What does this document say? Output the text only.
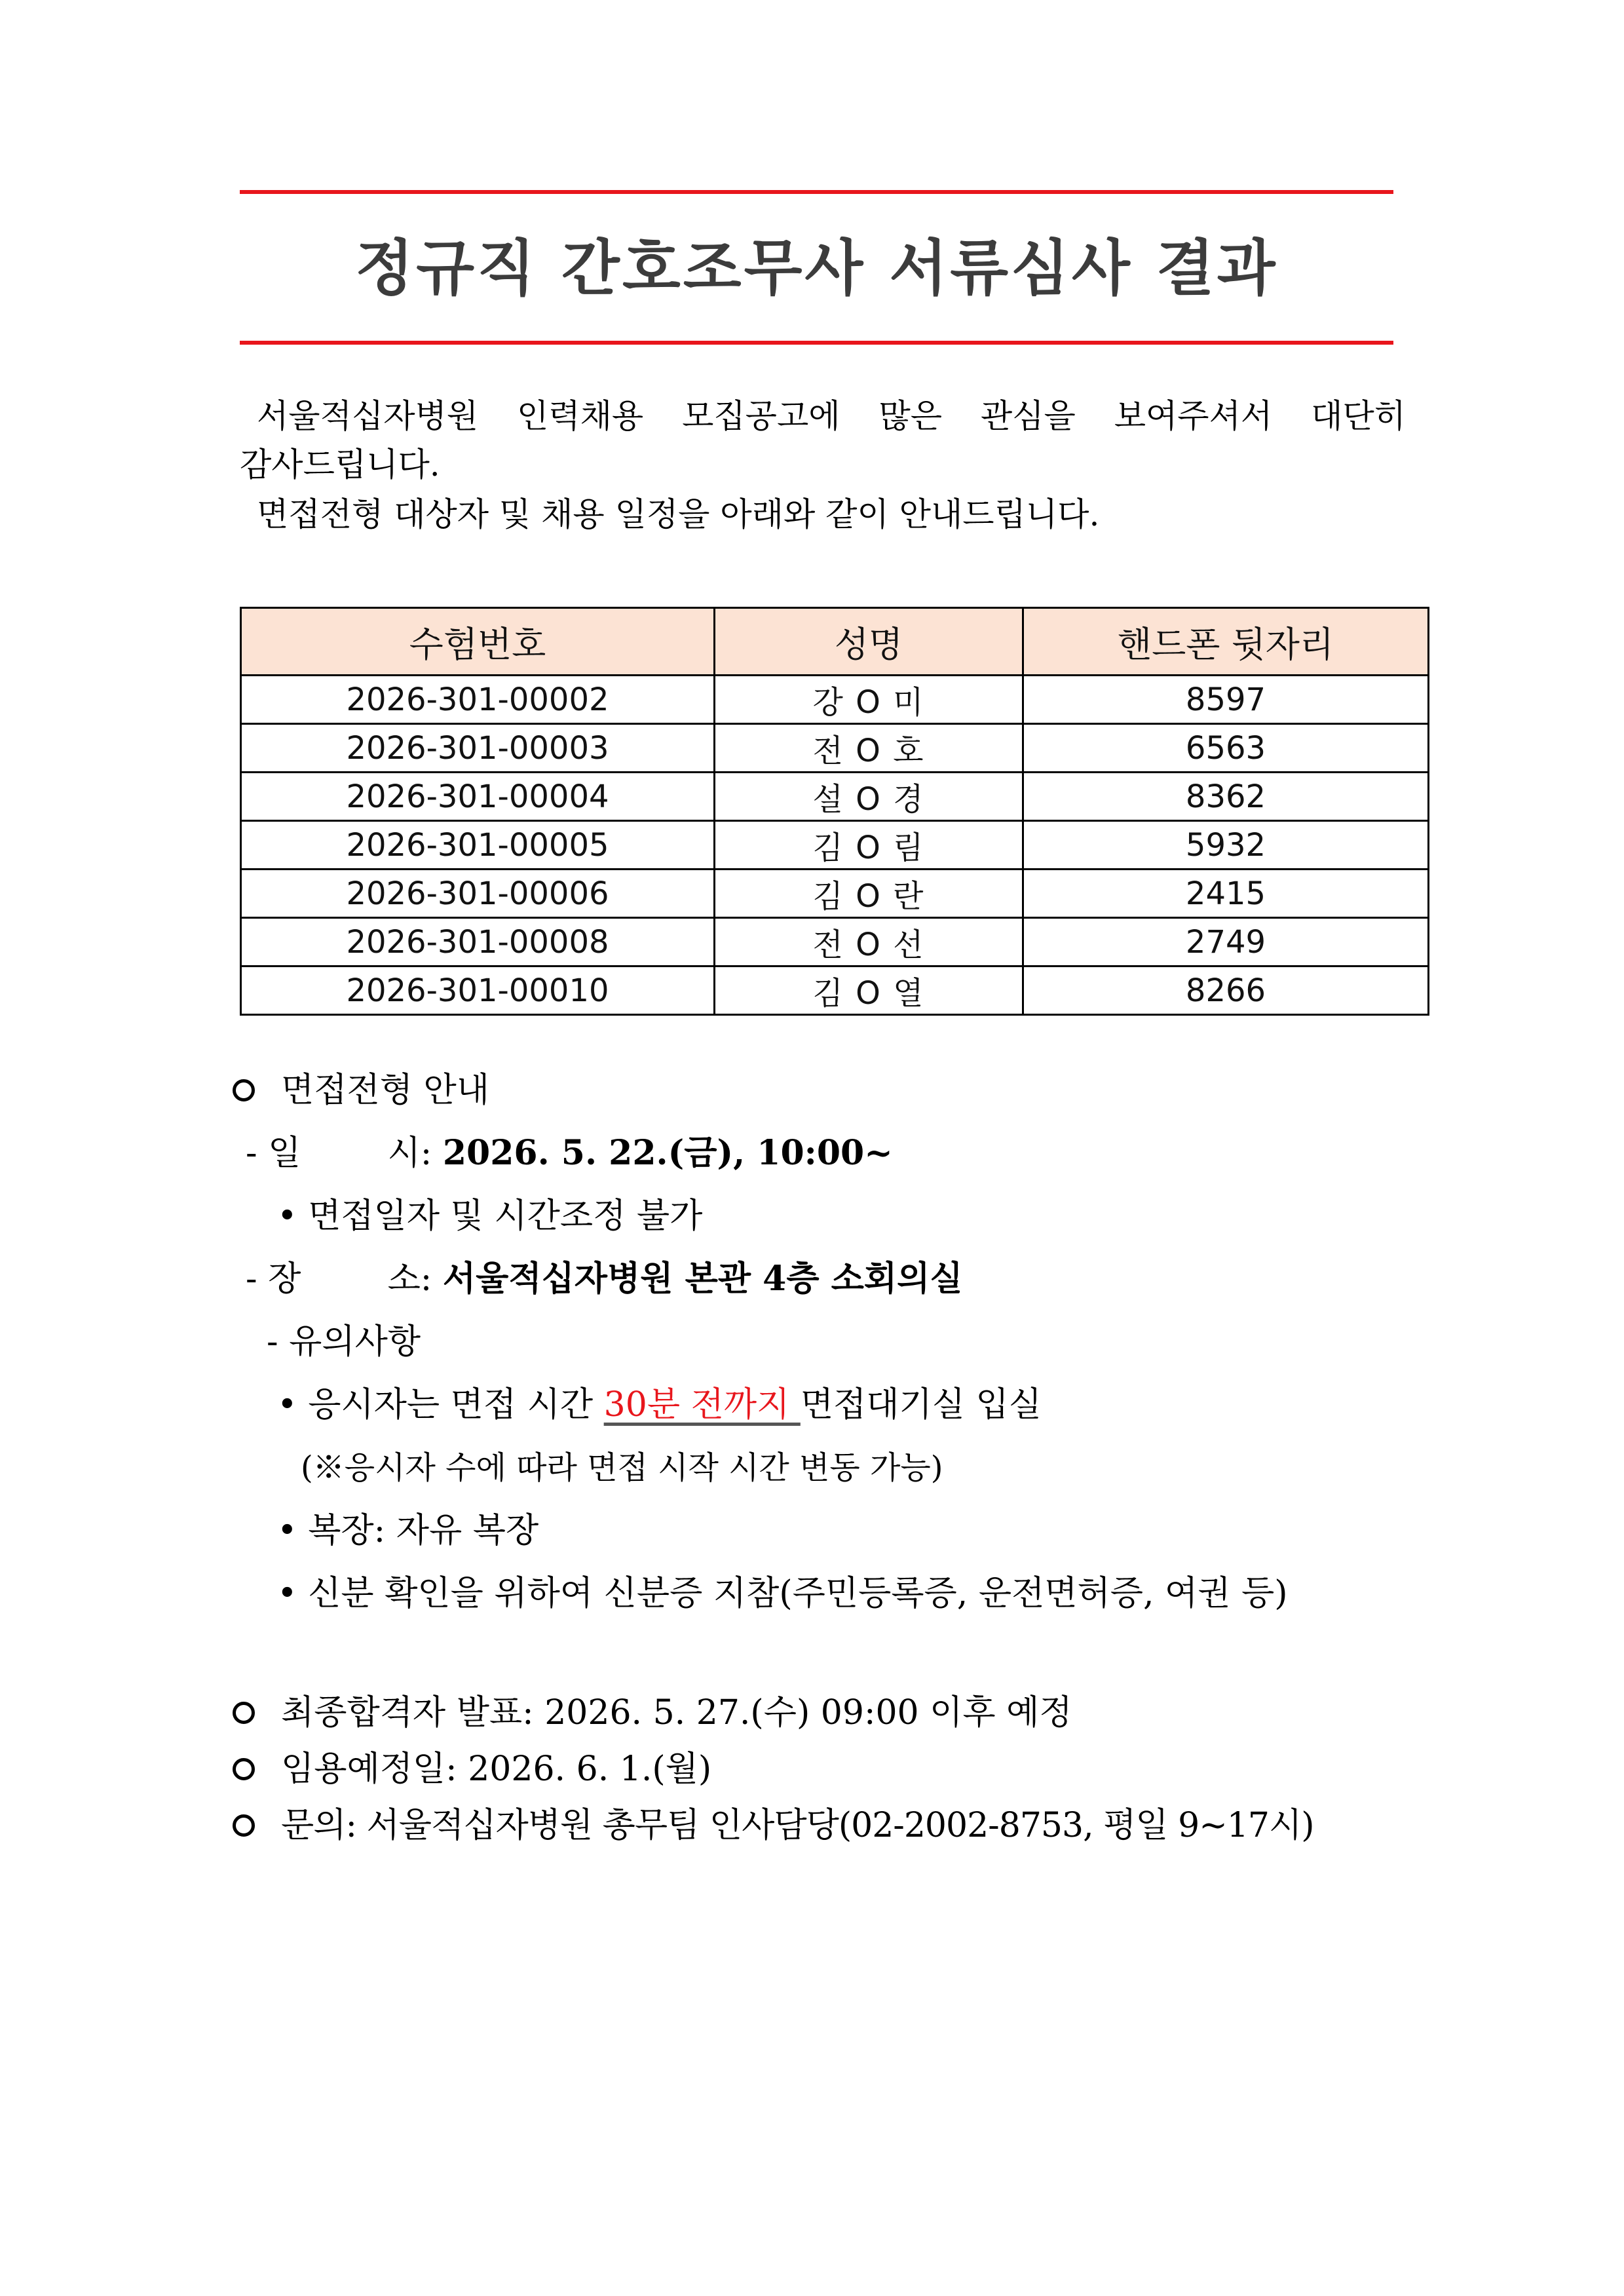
정규직 간호조무사 서류심사 결과
서울적십자병원 인력채용 모집공고에 많은 관심을 보여주셔서 대단히

감사드립니다.

면접전형 대상자 및 채용 일정을 아래와 같이 안내드립니다.

수험번호	성명	핸드폰 뒷자리
2026-301-00002	강 O 미	8597
2026-301-00003	전 O 호	6563
2026-301-00004	설 O 경	8362
2026-301-00005	김 O 림	5932
2026-301-00006	김 O 란	2415
2026-301-00008	전 O 선	2749
2026-301-00010	김 O 열	8266
면접전형 안내
- 일        시:
2026. 5. 22.(금), 10:00~
• 면접일자 및 시간조정 불가
- 장        소:
서울적십자병원 본관 4층 소회의실
- 유의사항
• 응시자는 면접 시간 30분 전까지 면접대기실 입실
(※응시자 수에 따라 면접 시작 시간 변동 가능)
• 복장: 자유 복장
• 신분 확인을 위하여 신분증 지참(주민등록증, 운전면허증, 여권 등)
최종합격자 발표: 2026. 5. 27.(수) 09:00 이후 예정
임용예정일: 2026. 6. 1.(월)
문의: 서울적십자병원 총무팀 인사담당(02-2002-8753, 평일 9~17시)
